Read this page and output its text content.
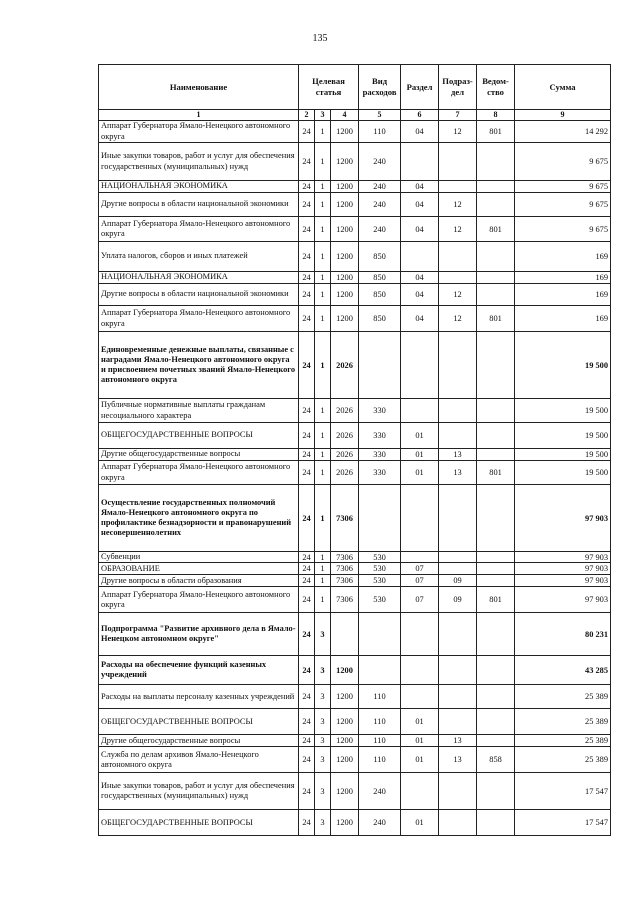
135
Наименование	Целевая статья			Вид расходов	Раздел	Подраз-дел	Ведом-ство	Сумма
1	2	3	4	5	6	7	8	9
Аппарат Губернатора Ямало-Ненецкого автономного округа	24	1	1200	110	04	12	801	14 292
Иные закупки товаров, работ и услуг для обеспечения государственных (муниципальных) нужд	24	1	1200	240				9 675
НАЦИОНАЛЬНАЯ ЭКОНОМИКА	24	1	1200	240	04			9 675
Другие вопросы в области национальной экономики	24	1	1200	240	04	12		9 675
Аппарат Губернатора Ямало-Ненецкого автономного округа	24	1	1200	240	04	12	801	9 675
Уплата налогов, сборов и иных платежей	24	1	1200	850				169
НАЦИОНАЛЬНАЯ ЭКОНОМИКА	24	1	1200	850	04			169
Другие вопросы в области национальной экономики	24	1	1200	850	04	12		169
Аппарат Губернатора Ямало-Ненецкого автономного округа	24	1	1200	850	04	12	801	169
Единовременные денежные выплаты, связанные с наградами Ямало-Ненецкого автономного округа и присвоением почетных званий Ямало-Ненецкого автономного округа	24	1	2026					19 500
Публичные нормативные выплаты гражданам несоциального характера	24	1	2026	330				19 500
ОБЩЕГОСУДАРСТВЕННЫЕ ВОПРОСЫ	24	1	2026	330	01			19 500
Другие общегосударственные вопросы	24	1	2026	330	01	13		19 500
Аппарат Губернатора Ямало-Ненецкого автономного округа	24	1	2026	330	01	13	801	19 500
Осуществление государственных полномочий Ямало-Ненецкого автономного округа по профилактике безнадзорности и правонарушений несовершеннолетних	24	1	7306					97 903
Субвенции	24	1	7306	530				97 903
ОБРАЗОВАНИЕ	24	1	7306	530	07			97 903
Другие вопросы в области образования	24	1	7306	530	07	09		97 903
Аппарат Губернатора Ямало-Ненецкого автономного округа	24	1	7306	530	07	09	801	97 903
Подпрограмма "Развитие архивного дела в Ямало-Ненецком автономном округе"	24	3						80 231
Расходы на обеспечение функций казенных учреждений	24	3	1200					43 285
Расходы на выплаты персоналу казенных учреждений	24	3	1200	110				25 389
ОБЩЕГОСУДАРСТВЕННЫЕ ВОПРОСЫ	24	3	1200	110	01			25 389
Другие общегосударственные вопросы	24	3	1200	110	01	13		25 389
Служба по делам архивов Ямало-Ненецкого автономного округа	24	3	1200	110	01	13	858	25 389
Иные закупки товаров, работ и услуг для обеспечения государственных (муниципальных) нужд	24	3	1200	240				17 547
ОБЩЕГОСУДАРСТВЕННЫЕ ВОПРОСЫ	24	3	1200	240	01			17 547
